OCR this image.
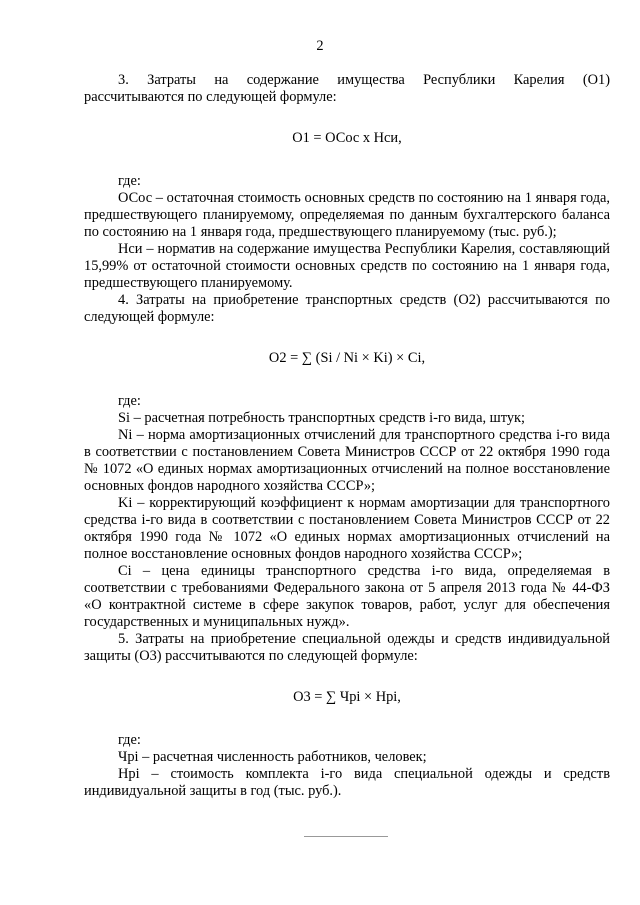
2

3. Затраты на содержание имущества Республики Карелия (О1) рассчитываются по следующей формуле:

О1 = ОСос х Нси,

где:

ОСос – остаточная стоимость основных средств по состоянию на 1 января года, предшествующего планируемому, определяемая по данным бухгалтерского баланса по состоянию на 1 января года, предшествующего планируемому (тыс. руб.);

Нси – норматив на содержание имущества Республики Карелия, составляющий 15,99% от остаточной стоимости основных средств по состоянию на 1 января года, предшествующего планируемому.

4. Затраты на приобретение транспортных средств (О2) рассчитываются по следующей формуле:

О2 = ∑ (Si / Ni × Ki) × Ci,

где:

Si – расчетная потребность транспортных средств i-го вида, штук;

Ni – норма амортизационных отчислений для транспортного средства i-го вида в соответствии с постановлением Совета Министров СССР от 22 октября 1990 года № 1072 «О единых нормах амортизационных отчислений на полное восстановление основных фондов народного хозяйства СССР»;

Ki – корректирующий коэффициент к нормам амортизации для транспортного средства i-го вида в соответствии с постановлением Совета Министров СССР от 22 октября 1990 года № 1072 «О единых нормах амортизационных отчислений на полное восстановление основных фондов народного хозяйства СССР»;

Ci – цена единицы транспортного средства i-го вида, определяемая в соответствии с требованиями Федерального закона от 5 апреля 2013 года № 44-ФЗ «О контрактной системе в сфере закупок товаров, работ, услуг для обеспечения государственных и муниципальных нужд».

5. Затраты на приобретение специальной одежды и средств индивидуальной защиты (О3) рассчитываются по следующей формуле:

О3 = ∑ Чрi × Нрi,

где:

Чрi – расчетная численность работников, человек;

Нрi – стоимость комплекта i-го вида специальной одежды и средств индивидуальной защиты в год (тыс. руб.).
